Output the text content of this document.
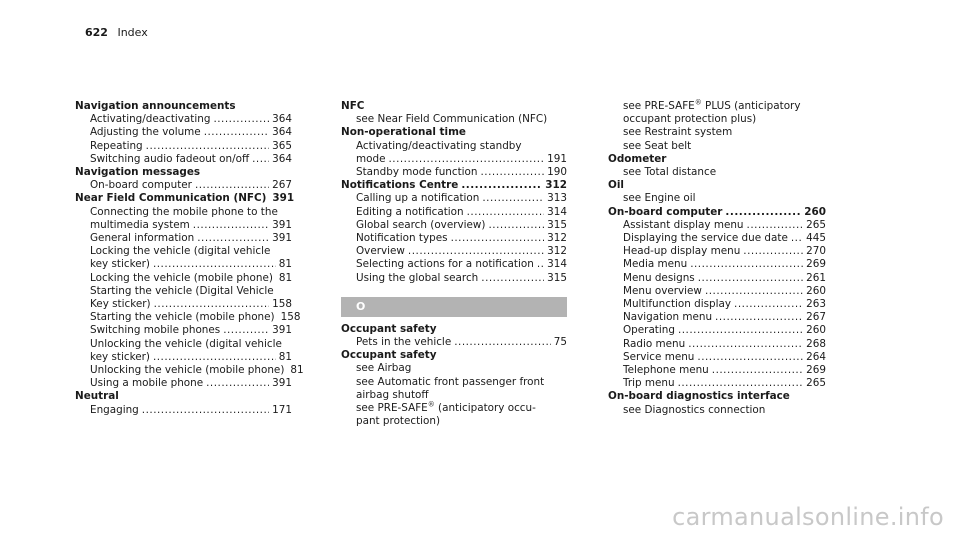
622 Index
Navigation announcements
Activating/deactivating .....	364
Adjusting the volume .....	364
Repeating .....	365
Switching audio fadeout on/off ..... 364
Navigation messages
On-board computer .....	267
Near Field Communication (NFC) 391
Connecting the mobile phone to the
multimedia system .....	391
General information .....	391
Locking the vehicle (digital vehicle
key sticker) .....	81
Locking the vehicle (mobile phone) 81
Starting the vehicle (Digital Vehicle
Key sticker) .....	158
Starting the vehicle (mobile phone) 158
Switching mobile phones .....	391
Unlocking the vehicle (digital vehicle
key sticker) .....	81
Unlocking the vehicle (mobile phone) 81
Using a mobile phone .....	391
Neutral
Engaging .....	171
NFC
see Near Field Communication (NFC)
Non-operational time
Activating/deactivating standby
mode .....	191
Standby mode function .....	190
Notifications Centre .....	312
Calling up a notification .....	313
Editing a notification .....	314
Global search (overview) .....	315
Notification types .....	312
Overview .....	312
Selecting actions for a notification ..... 314
Using the global search .....	315
O
Occupant safety
Pets in the vehicle .....	75
Occupant safety
see Airbag
see Automatic front passenger front
airbag shutoff
see PRE-SAFE® (anticipatory occu-
pant protection)
see PRE-SAFE® PLUS (anticipatory
occupant protection plus)
see Restraint system
see Seat belt
Odometer
see Total distance
Oil
see Engine oil
On-board computer .....	260
Assistant display menu .....	265
Displaying the service due date ..... 445
Head-up display menu .....	270
Media menu .....	269
Menu designs .....	261
Menu overview .....	260
Multifunction display .....	263
Navigation menu .....	267
Operating .....	260
Radio menu .....	268
Service menu .....	264
Telephone menu .....	269
Trip menu .....	265
On-board diagnostics interface
see Diagnostics connection
carmanualsonline.info
